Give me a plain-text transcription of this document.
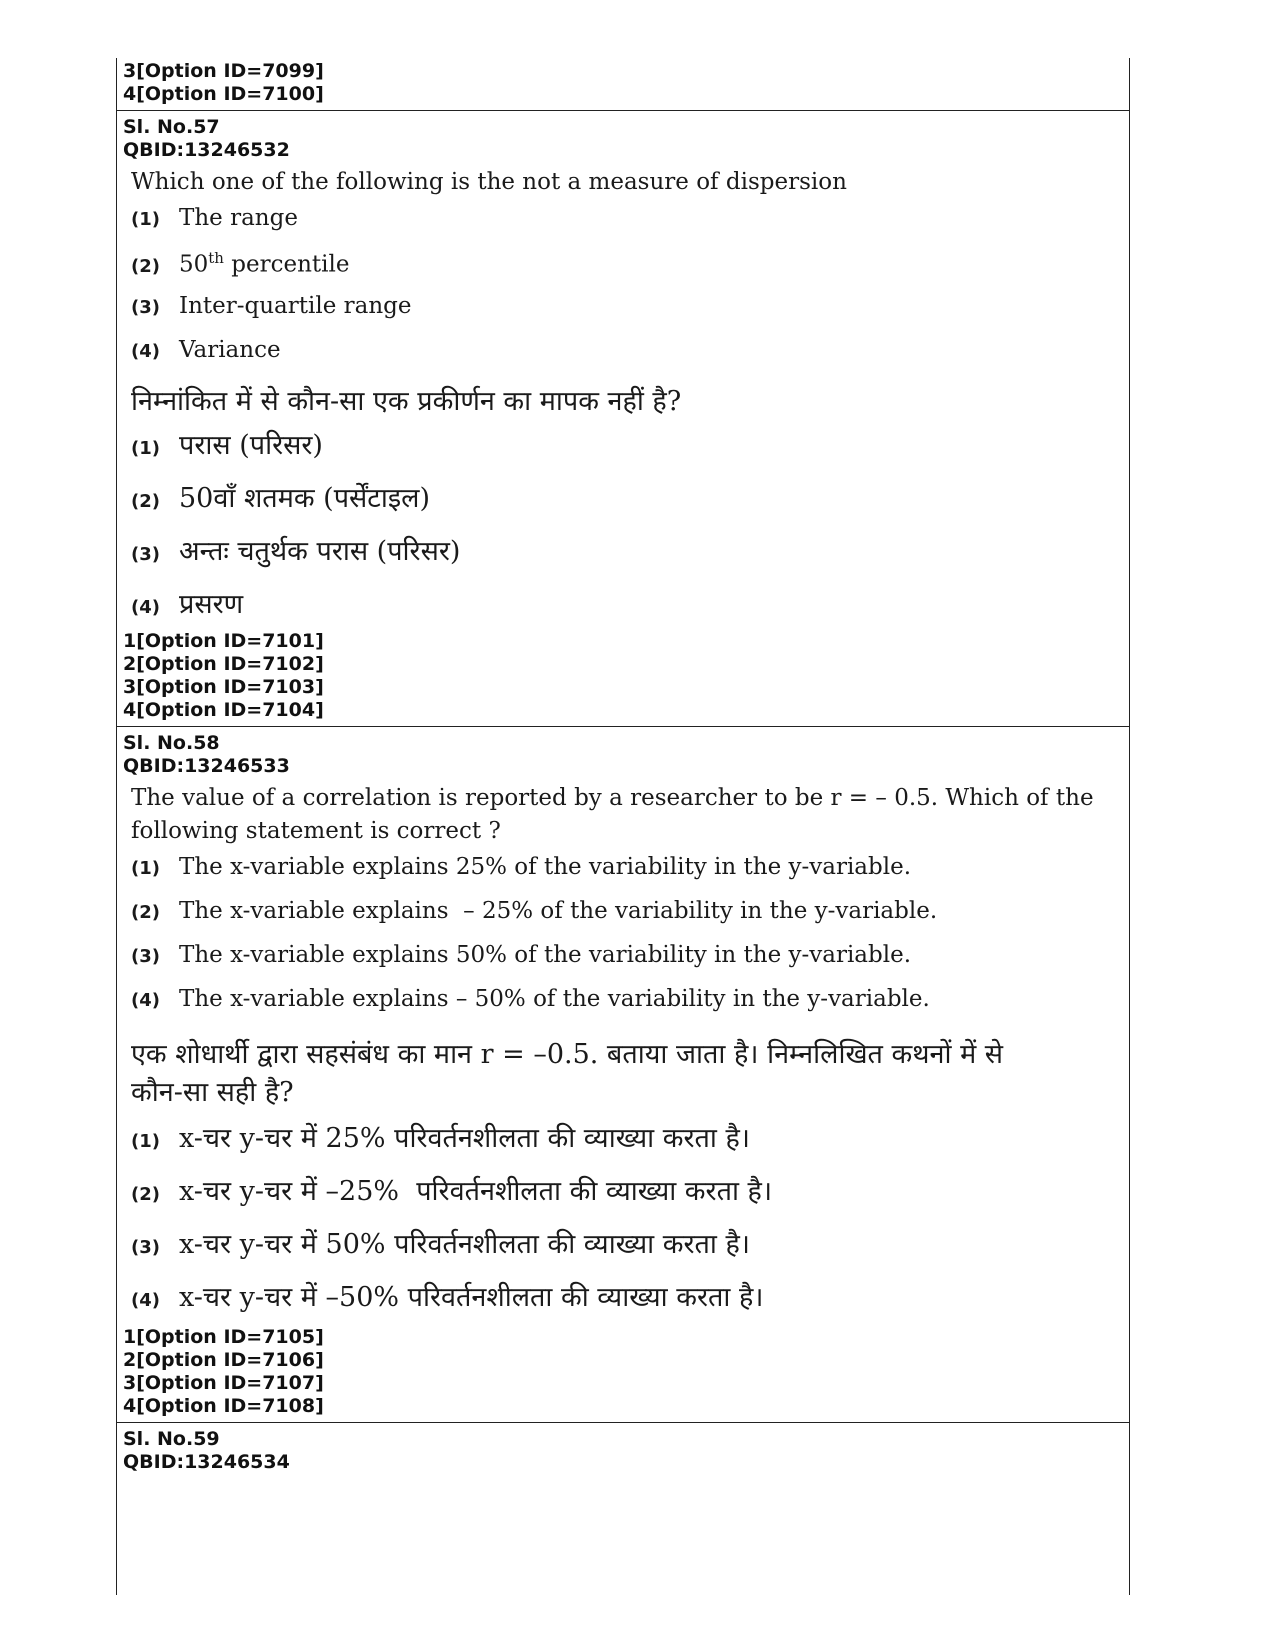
3[Option ID=7099]
4[Option ID=7100]
Sl. No.57
QBID:13246532
Which one of the following is the not a measure of dispersion
(1) The range
(2) 50th percentile
(3) Inter-quartile range
(4) Variance
निम्नांकित में से कौन-सा एक प्रकीर्णन का मापक नहीं है?
(1) परास (परिसर)
(2) 50वाँ शतमक (पर्सेंटाइल)
(3) अन्तः चतुर्थक परास (परिसर)
(4) प्रसरण
1[Option ID=7101]
2[Option ID=7102]
3[Option ID=7103]
4[Option ID=7104]
Sl. No.58
QBID:13246533
The value of a correlation is reported by a researcher to be r = – 0.5. Which of the
following statement is correct ?
(1) The x-variable explains 25% of the variability in the y-variable.
(2) The x-variable explains  – 25% of the variability in the y-variable.
(3) The x-variable explains 50% of the variability in the y-variable.
(4) The x-variable explains – 50% of the variability in the y-variable.
एक शोधार्थी द्वारा सहसंबंध का मान r = –0.5. बताया जाता है। निम्नलिखित कथनों में से
कौन-सा सही है?
(1) x-चर y-चर में 25% परिवर्तनशीलता की व्याख्या करता है।
(2) x-चर y-चर में –25%  परिवर्तनशीलता की व्याख्या करता है।
(3) x-चर y-चर में 50% परिवर्तनशीलता की व्याख्या करता है।
(4) x-चर y-चर में –50% परिवर्तनशीलता की व्याख्या करता है।
1[Option ID=7105]
2[Option ID=7106]
3[Option ID=7107]
4[Option ID=7108]
Sl. No.59
QBID:13246534
